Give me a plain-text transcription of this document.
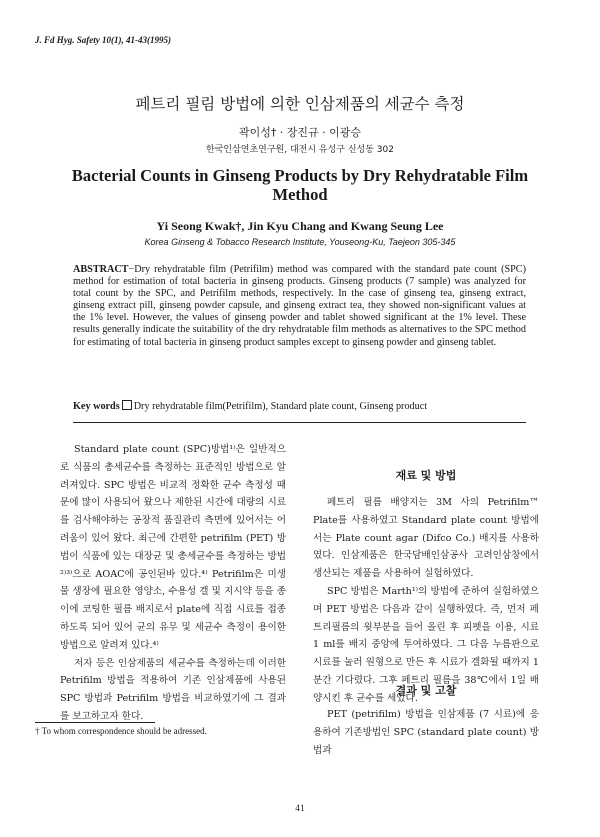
J. Fd Hyg. Safety 10(1), 41-43(1995)
페트리 필림 방법에 의한 인삼제품의 세균수 측정
곽이성† · 장진규 · 이광승
한국인삼연초연구원, 대전시 유성구 신성동 302
Bacterial Counts in Ginseng Products by Dry Rehydratable Film Method
Yi Seong Kwak†, Jin Kyu Chang and Kwang Seung Lee
Korea Ginseng & Tobacco Research Institute, Youseong-Ku, Taejeon 305-345
ABSTRACT−Dry rehydratable film (Petrifilm) method was compared with the standard pate count (SPC) method for estimation of total bacteria in ginseng products. Ginseng products (7 sample) was analyzed for total count by the SPC, and Petrifilm methods, respectively. In the case of ginseng tea, ginseng extract, ginseng extract pill, ginseng powder capsule, and ginseng extract tea, they showed non-significant values at the 1% level. However, the values of ginseng powder and tablet showed significant at the 1% level. These results generally indicate the suitability of the dry rehydratable film methods as alternatives to the SPC method for estimating of total bacteria in ginseng product samples except to ginseng powder and ginseng tablet.
Key words Dry rehydratable film(Petrifilm), Standard plate count, Ginseng product

Standard plate count (SPC)방법¹⁾은 일반적으로 식품의 총세균수를 측정하는 표준적인 방법으로 알려져있다. SPC 방법은 비교적 정확한 균수 측정성 때문에 많이 사용되어 왔으나 제한된 시간에 대량의 시료를 검사해야하는 공장적 품질관리 측면에 있어서는 어려움이 있어 왔다. 최근에 간편한 petrifilm (PET) 방법이 식품에 있는 대장균 및 총세균수를 측정하는 방법²⁾³⁾으로 AOAC에 공인된바 있다.⁴⁾ Petrifilm은 미생물 생장에 필요한 영양소, 수용성 겔 및 지시약 등을 종이에 코팅한 필름 배지로서 plate에 직접 시료를 접종하도록 되어 있어 균의 유무 및 세균수 측정이 용이한 방법으로 알려져 있다.⁴⁾

저자 등은 인삼제품의 세균수를 측정하는데 이러한 Petrifilm 방법을 적용하여 기존 인삼제품에 사용된 SPC 방법과 Petrifilm 방법을 비교하였기에 그 결과를 보고하고자 한다.

재료 및 방법

페트리 필름 배양지는 3M 사의 Petrifilm™ Plate를 사용하였고 Standard plate count 방법에서는 Plate count agar (Difco Co.) 배지를 사용하였다. 인삼제품은 한국담배인삼공사 고려인삼창에서 생산되는 제품을 사용하여 실험하였다.

SPC 방법은 Marth¹⁾의 방법에 준하여 실험하였으며 PET 방법은 다음과 같이 실행하였다. 즉, 먼저 페트리필름의 윗부분을 들어 올린 후 피펫을 이용, 시료 1 ml를 배지 중앙에 투여하였다. 그 다음 누름판으로 시료를 눌러 원형으로 만든 후 시료가 겔화될 때까지 1분간 기다렸다. 그후 페트리 필름을 38℃에서 1일 배양시킨 후 균수를 세었다.

결과 및 고찰

PET (petrifilm) 방법을 인삼제품 (7 시료)에 응용하여 기존방법인 SPC (standard plate count) 방법과

† To whom correspondence should be adressed.
41
